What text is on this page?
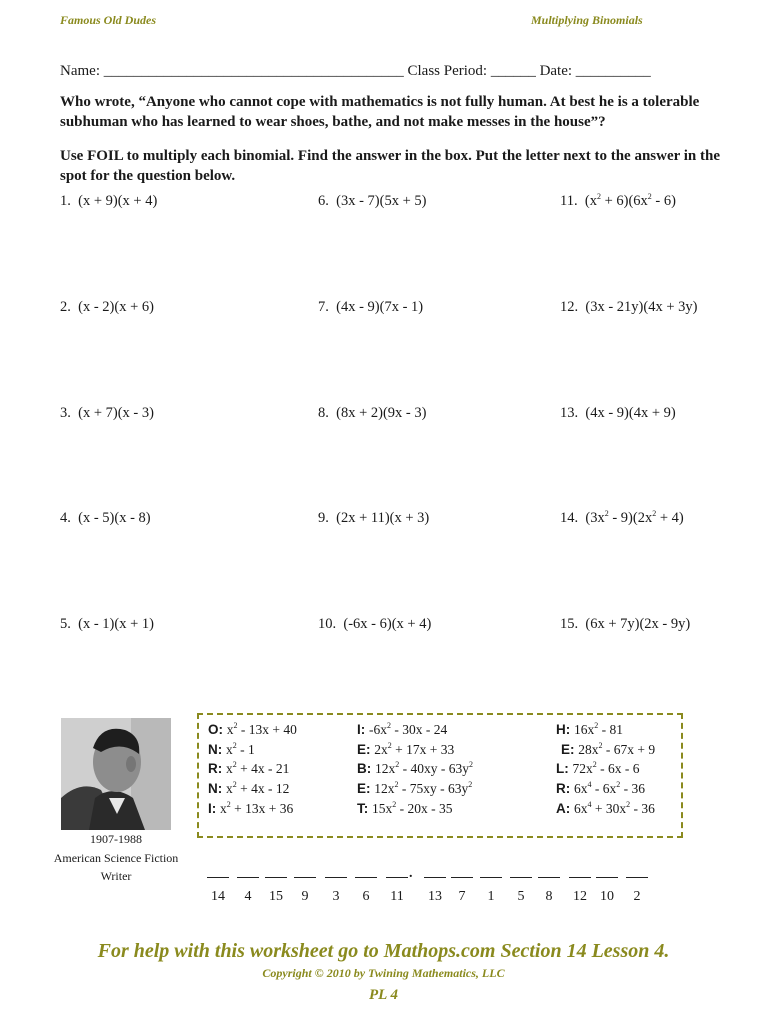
Famous Old Dudes	Multiplying Binomials
Name: ________________________________________ Class Period: ______ Date: __________
Who wrote, “Anyone who cannot cope with mathematics is not fully human. At best he is a tolerable subhuman who has learned to wear shoes, bathe, and not make messes in the house”?
Use FOIL to multiply each binomial. Find the answer in the box. Put the letter next to the answer in the spot for the question below.
1.  (x + 9)(x + 4)
2.  (x - 2)(x + 6)
3.  (x + 7)(x - 3)
4.  (x - 5)(x - 8)
5.  (x - 1)(x + 1)
6.  (3x - 7)(5x + 5)
7.  (4x - 9)(7x - 1)
8.  (8x + 2)(9x - 3)
9.  (2x + 11)(x + 3)
10.  (-6x - 6)(x + 4)
11.  $(x^2 + 6)(6x^2 - 6)$
12.  (3x - 21y)(4x + 3y)
13.  (4x - 9)(4x + 9)
14.  $(3x^2 - 9)(2x^2 + 4)$
15.  (6x + 7y)(2x - 9y)
1907-1988
American Science Fiction
Writer
O: $x^2 - 13x + 40$
N: $x^2 - 1$
R: $x^2 + 4x - 21$
N: $x^2 + 4x - 12$
I: $x^2 + 13x + 36$
I: $-6x^2 - 30x - 24$
E: $2x^2 + 17x + 33$
B: $12x^2 - 40xy - 63y^2$
E: $12x^2 - 75xy - 63y^2$
T: $15x^2 - 20x - 35$
H: $16x^2 - 81$
E: $28x^2 - 67x + 9$
L: $72x^2 - 6x - 6$
R: $6x^4 - 6x^2 - 36$
A: $6x^4 + 30x^2 - 36$
14	4	15	9	3	6	11	13	7	1	5	8	12 10	2
.
For help with this worksheet go to Mathops.com Section 14 Lesson 4.
Copyright © 2010 by Twining Mathematics, LLC
PL 4
